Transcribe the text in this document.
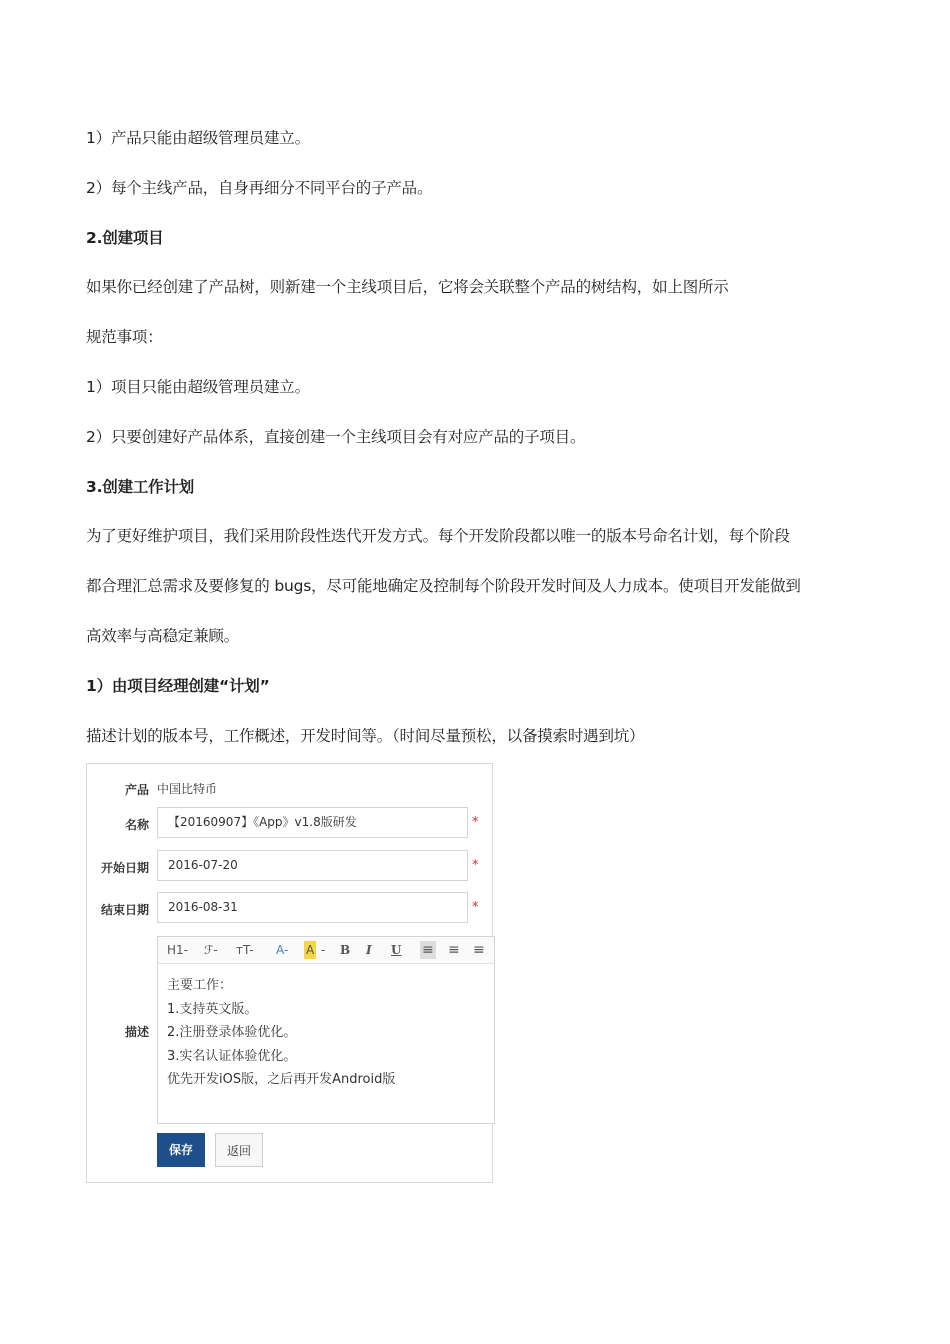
1）产品只能由超级管理员建立。
2）每个主线产品，自身再细分不同平台的子产品。
2.创建项目
如果你已经创建了产品树，则新建一个主线项目后，它将会关联整个产品的树结构，如上图所示
规范事项：
1）项目只能由超级管理员建立。
2）只要创建好产品体系，直接创建一个主线项目会有对应产品的子项目。
3.创建工作计划
为了更好维护项目，我们采用阶段性迭代开发方式。每个开发阶段都以唯一的版本号命名计划，每个阶段
都合理汇总需求及要修复的 bugs，尽可能地确定及控制每个阶段开发时间及人力成本。使项目开发能做到
高效率与高稳定兼顾。
1）由项目经理创建“计划”
描述计划的版本号，工作概述，开发时间等。（时间尽量预松，以备摸索时遇到坑）
产品 中国比特币
名称	【20160907】《App》v1.8版研发	*
开始日期	2016-07-20	*
结束日期	2016-08-31	*
描述
H1- ℱ- тT- A- A - B I U ≡ ≡ ≡
主要工作：
1.支持英文版。
2.注册登录体验优化。
3.实名认证体验优化。
优先开发iOS版，之后再开发Android版
保存	返回
